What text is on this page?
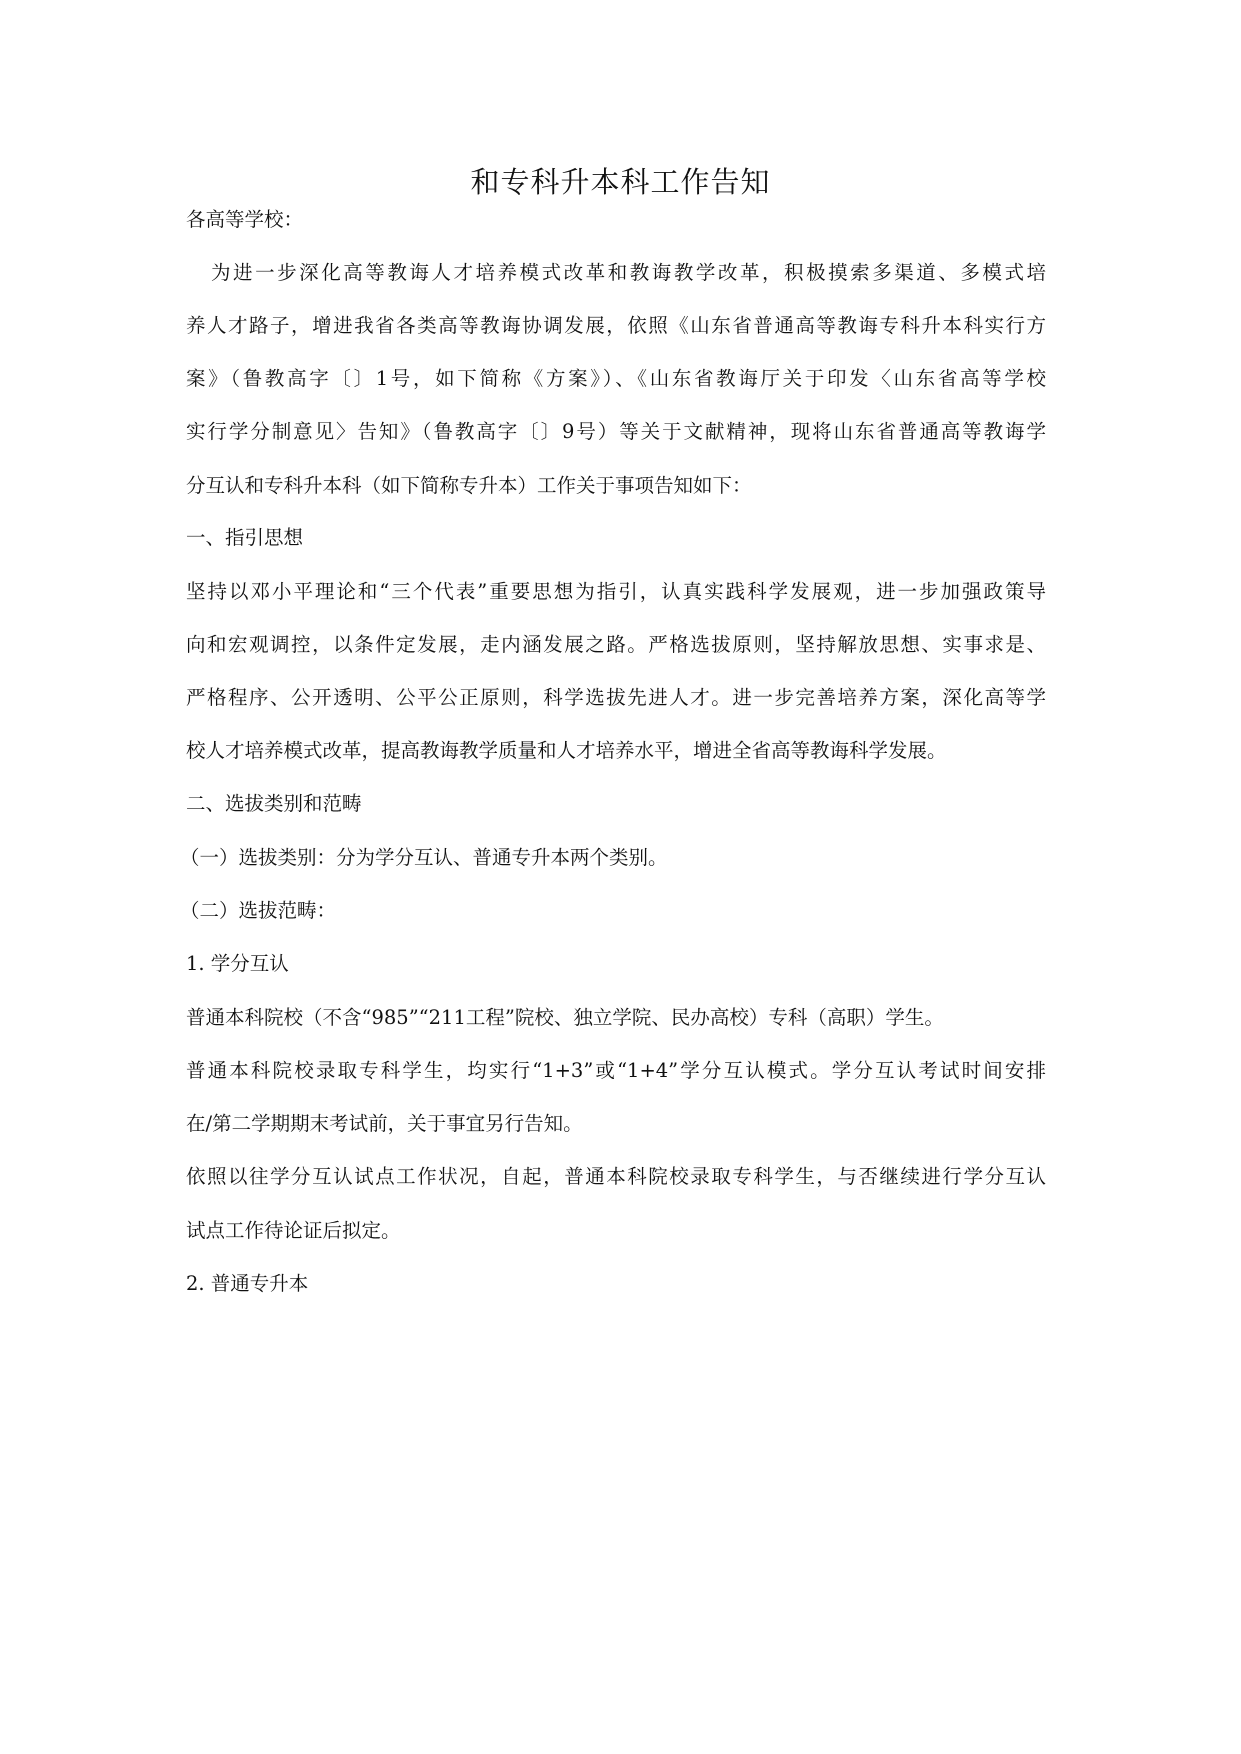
和专科升本科工作告知
各高等学校：
为进一步深化高等教诲人才培养模式改革和教诲教学改革，积极摸索多渠道、多模式培
养人才路子，增进我省各类高等教诲协调发展，依照《山东省普通高等教诲专科升本科实行方
案》（鲁教高字〔〕1号，如下简称《方案》）、《山东省教诲厅关于印发〈山东省高等学校
实行学分制意见〉告知》（鲁教高字〔〕9号）等关于文献精神，现将山东省普通高等教诲学
分互认和专科升本科（如下简称专升本）工作关于事项告知如下：
一、指引思想
坚持以邓小平理论和“三个代表”重要思想为指引，认真实践科学发展观，进一步加强政策导
向和宏观调控，以条件定发展，走内涵发展之路。严格选拔原则，坚持解放思想、实事求是、
严格程序、公开透明、公平公正原则，科学选拔先进人才。进一步完善培养方案，深化高等学
校人才培养模式改革，提高教诲教学质量和人才培养水平，增进全省高等教诲科学发展。
二、选拔类别和范畴
（一）选拔类别：分为学分互认、普通专升本两个类别。
（二）选拔范畴：
1. 学分互认
普通本科院校（不含“985”“211工程”院校、独立学院、民办高校）专科（高职）学生。
普通本科院校录取专科学生，均实行“1+3”或“1+4”学分互认模式。学分互认考试时间安排
在/第二学期期末考试前，关于事宜另行告知。
依照以往学分互认试点工作状况，自起，普通本科院校录取专科学生，与否继续进行学分互认
试点工作待论证后拟定。
2. 普通专升本
